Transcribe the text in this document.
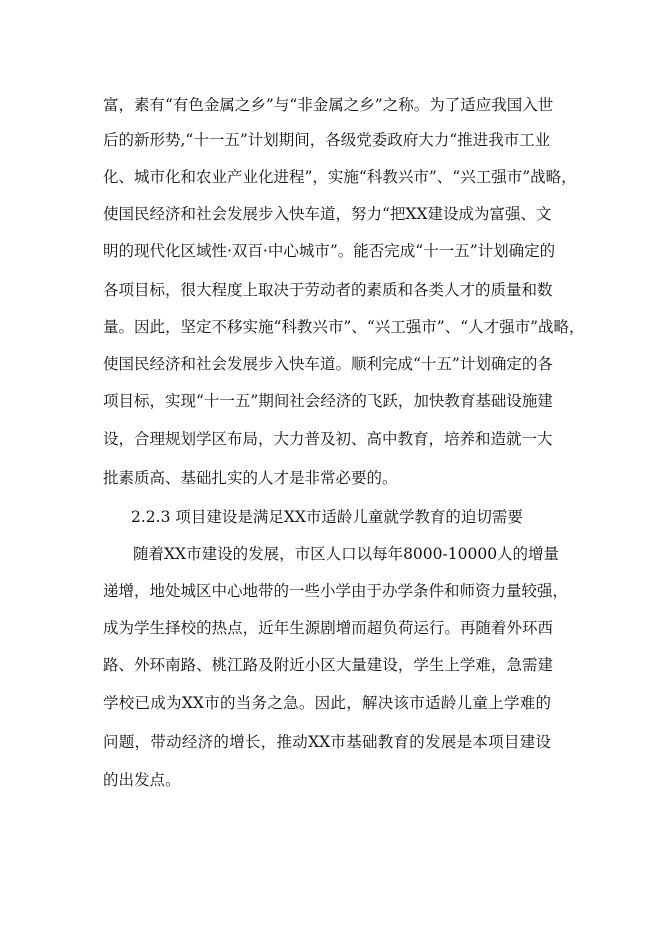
富，素有“有色金属之乡”与“非金属之乡”之称。为了适应我国入世
后的新形势,“十一五”计划期间，各级党委政府大力“推进我市工业
化、城市化和农业产业化进程”，实施“科教兴市”、“兴工强市”战略，
使国民经济和社会发展步入快车道，努力“把XX建设成为富强、文
明的现代化区域性·双百·中心城市”。能否完成“十一五”计划确定的
各项目标，很大程度上取决于劳动者的素质和各类人才的质量和数
量。因此，坚定不移实施“科教兴市”、“兴工强市”、“人才强市”战略，
使国民经济和社会发展步入快车道。顺利完成“十五”计划确定的各
项目标，实现“十一五”期间社会经济的飞跃，加快教育基础设施建
设，合理规划学区布局，大力普及初、高中教育，培养和造就一大
批素质高、基础扎实的人才是非常必要的。
2.2.3 项目建设是满足XX市适龄儿童就学教育的迫切需要
随着XX市建设的发展，市区人口以每年8000-10000人的增量
递增，地处城区中心地带的一些小学由于办学条件和师资力量较强，
成为学生择校的热点，近年生源剧增而超负荷运行。再随着外环西
路、外环南路、桃江路及附近小区大量建设，学生上学难，急需建
学校已成为XX市的当务之急。因此，解决该市适龄儿童上学难的
问题，带动经济的增长，推动XX市基础教育的发展是本项目建设
的出发点。
